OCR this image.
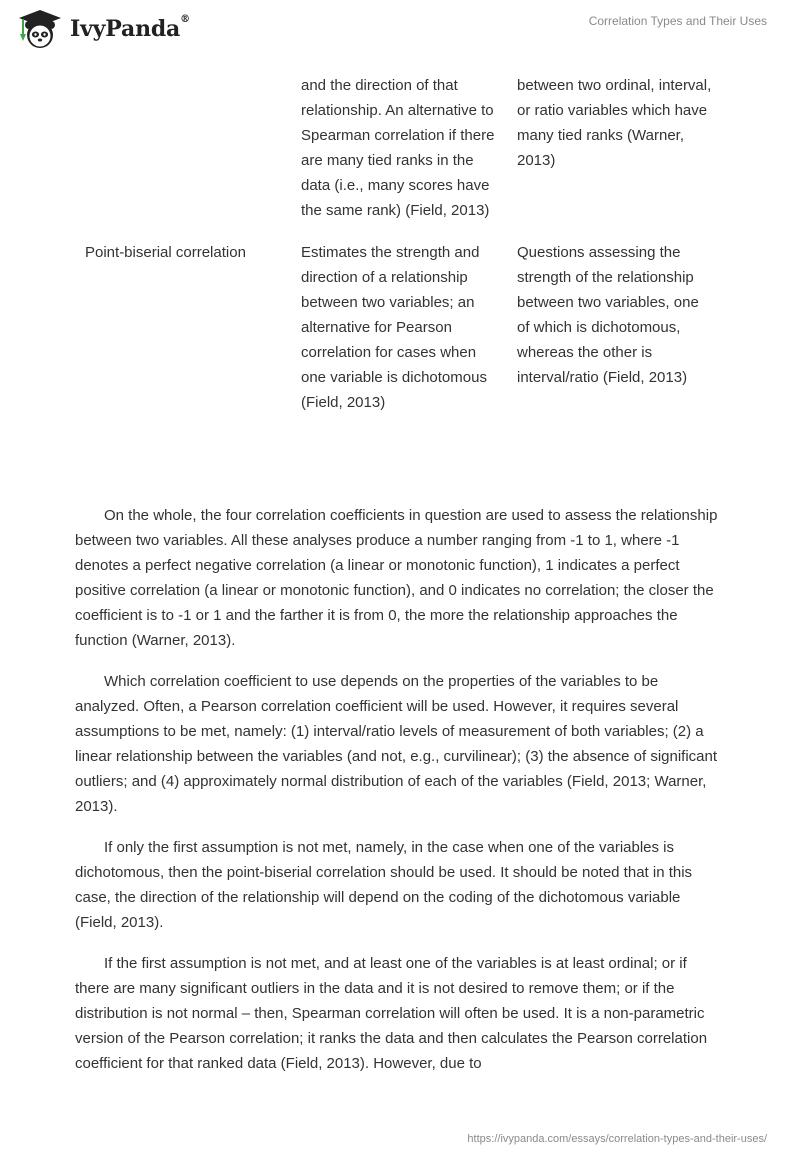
IvyPanda®	Correlation Types and Their Uses
and the direction of that relationship. An alternative to Spearman correlation if there are many tied ranks in the data (i.e., many scores have the same rank) (Field, 2013)
between two ordinal, interval, or ratio variables which have many tied ranks (Warner, 2013)
Point-biserial correlation	Estimates the strength and direction of a relationship between two variables; an alternative for Pearson correlation for cases when one variable is dichotomous (Field, 2013)
Questions assessing the strength of the relationship between two variables, one of which is dichotomous, whereas the other is interval/ratio (Field, 2013)

On the whole, the four correlation coefficients in question are used to assess the relationship between two variables. All these analyses produce a number ranging from -1 to 1, where -1 denotes a perfect negative correlation (a linear or monotonic function), 1 indicates a perfect positive correlation (a linear or monotonic function), and 0 indicates no correlation; the closer the coefficient is to -1 or 1 and the farther it is from 0, the more the relationship approaches the function (Warner, 2013).

Which correlation coefficient to use depends on the properties of the variables to be analyzed. Often, a Pearson correlation coefficient will be used. However, it requires several assumptions to be met, namely: (1) interval/ratio levels of measurement of both variables; (2) a linear relationship between the variables (and not, e.g., curvilinear); (3) the absence of significant outliers; and (4) approximately normal distribution of each of the variables (Field, 2013; Warner, 2013).

If only the first assumption is not met, namely, in the case when one of the variables is dichotomous, then the point-biserial correlation should be used. It should be noted that in this case, the direction of the relationship will depend on the coding of the dichotomous variable (Field, 2013).

If the first assumption is not met, and at least one of the variables is at least ordinal; or if there are many significant outliers in the data and it is not desired to remove them; or if the distribution is not normal – then, Spearman correlation will often be used. It is a non-parametric version of the Pearson correlation; it ranks the data and then calculates the Pearson correlation coefficient for that ranked data (Field, 2013). However, due to

https://ivypanda.com/essays/correlation-types-and-their-uses/
